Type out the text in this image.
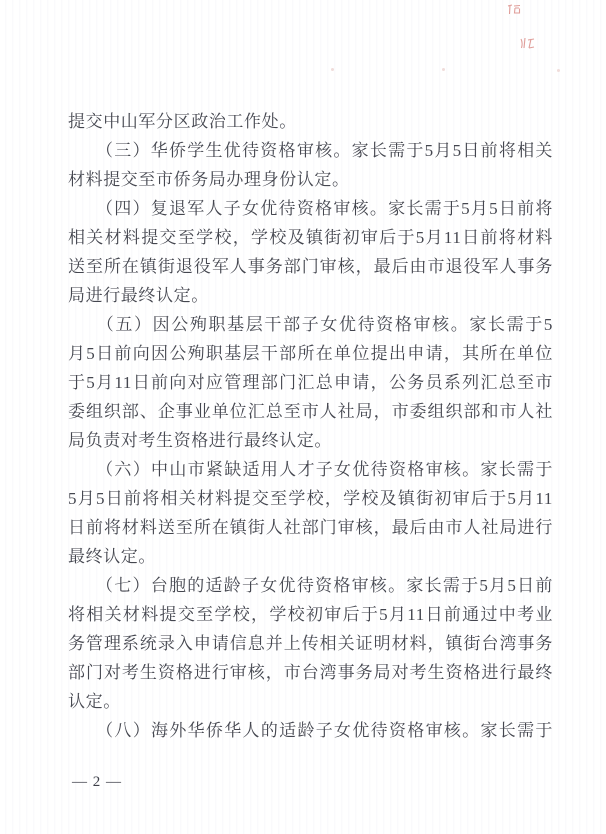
提交中山军分区政治工作处。
　　（三）华侨学生优待资格审核。家长需于5月5日前将相关
材料提交至市侨务局办理身份认定。
　　（四）复退军人子女优待资格审核。家长需于5月5日前将
相关材料提交至学校，学校及镇街初审后于5月11日前将材料
送至所在镇街退役军人事务部门审核，最后由市退役军人事务
局进行最终认定。
　　（五）因公殉职基层干部子女优待资格审核。家长需于5
月5日前向因公殉职基层干部所在单位提出申请，其所在单位
于5月11日前向对应管理部门汇总申请，公务员系列汇总至市
委组织部、企事业单位汇总至市人社局，市委组织部和市人社
局负责对考生资格进行最终认定。
　　（六）中山市紧缺适用人才子女优待资格审核。家长需于
5月5日前将相关材料提交至学校，学校及镇街初审后于5月11
日前将材料送至所在镇街人社部门审核，最后由市人社局进行
最终认定。
　　（七）台胞的适龄子女优待资格审核。家长需于5月5日前
将相关材料提交至学校，学校初审后于5月11日前通过中考业
务管理系统录入申请信息并上传相关证明材料，镇街台湾事务
部门对考生资格进行审核，市台湾事务局对考生资格进行最终
认定。
　　（八）海外华侨华人的适龄子女优待资格审核。家长需于
— 2 —
